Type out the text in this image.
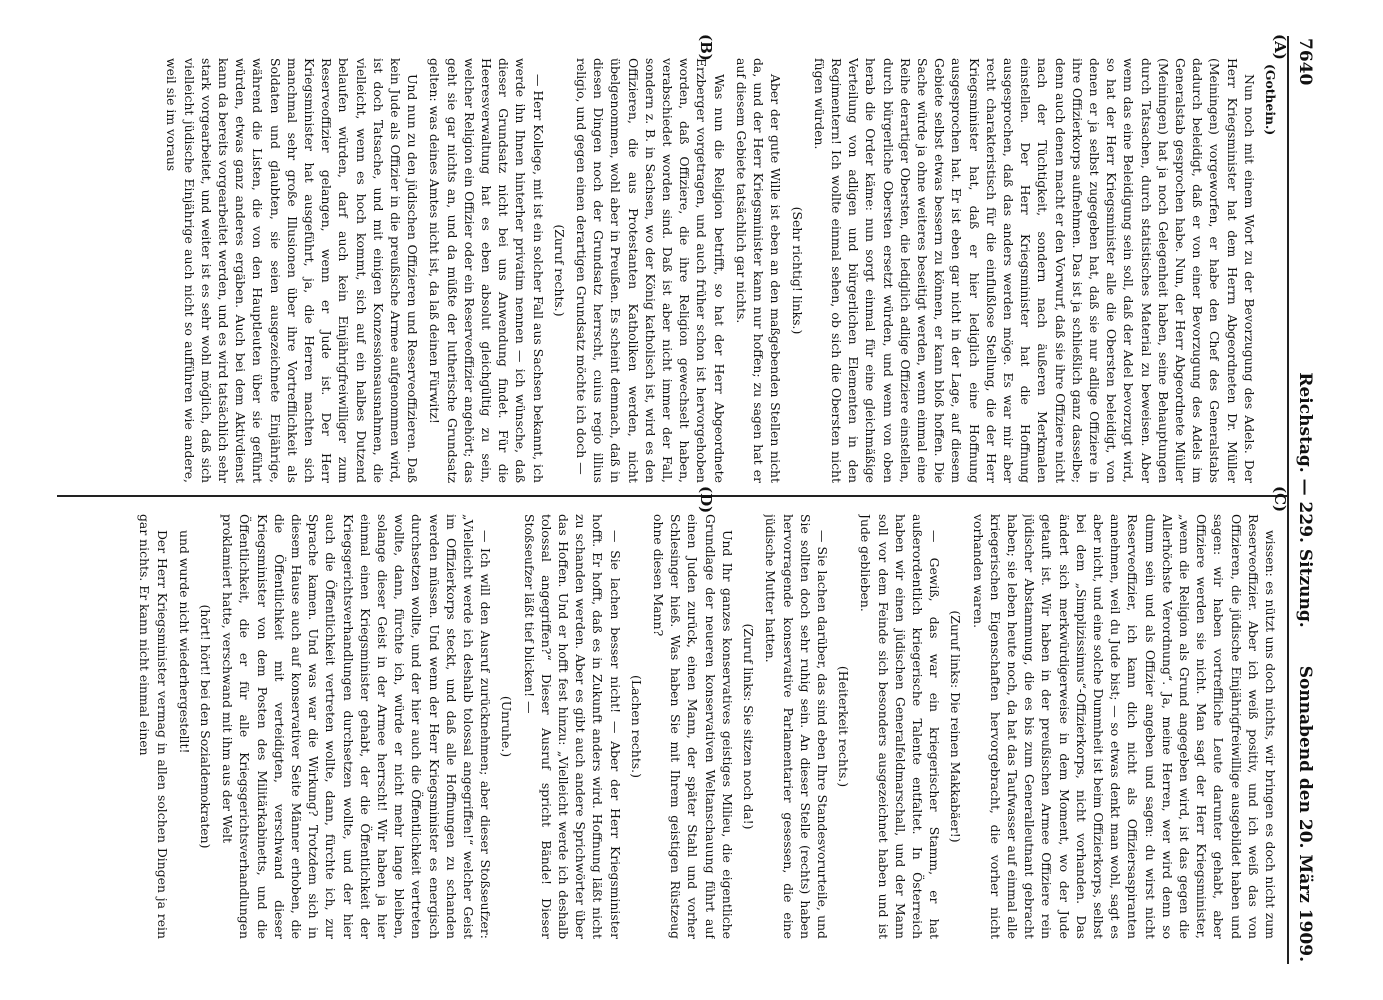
7640
Reichstag. — 229. Sitzung.
Sonnabend den 20. März 1909.
(A)
(B)
(C)
(D)

(Gothein.)

Nun noch mit einem Wort zu der Bevorzugung des Adels. Der Herr Kriegsminister hat dem Herrn Abgeordneten Dr. Müller (Meiningen) vorgeworfen, er habe den Chef des Generalstabs dadurch beleidigt, daß er von einer Bevorzugung des Adels im Generalstab gesprochen habe. Nun, der Herr Abgeordnete Müller (Meiningen) hat ja noch Gelegenheit haben, seine Behauptungen durch Tatsachen, durch statistisches Material zu beweisen. Aber wenn das eine Beleidigung sein soll, daß der Adel bevorzugt wird, so hat der Herr Kriegsminister alle die Obersten beleidigt, von denen er ja selbst zugegeben hat, daß sie nur adlige Offiziere in ihre Offizierkorps aufnehmen. Das ist ja schließlich ganz dasselbe; denn auch denen macht er den Vorwurf, daß sie ihre Offiziere nicht nach der Tüchtigkeit, sondern nach äußeren Merkmalen einstellen. Der Herr Kriegsminister hat die Hoffnung ausgesprochen, daß das anders werden möge. Es war mir aber recht charakteristisch für die einflußlose Stellung, die der Herr Kriegsminister hat, daß er hier lediglich eine Hoffnung ausgesprochen hat. Er ist eben gar nicht in der Lage, auf diesem Gebiete selbst etwas bessern zu können, er kann bloß hoffen. Die Sache würde ja ohne weiteres beseitigt werden, wenn einmal eine Reihe derartiger Obersten, die lediglich adlige Offiziere einstellen, durch bürgerliche Obersten ersetzt würden, und wenn von oben herab die Order käme: nun sorgt einmal für eine gleichmäßige Verteilung von adligen und bürgerlichen Elementen in den Regimentern! Ich wollte einmal sehen, ob sich die Obersten nicht fügen würden.

(Sehr richtig! links.)

Aber der gute Wille ist eben an den maßgebenden Stellen nicht da, und der Herr Kriegsminister kann nur hoffen; zu sagen hat er auf diesem Gebiete tatsächlich gar nichts.

Was nun die Religion betrifft, so hat der Herr Abgeordnete Erzberger vorgetragen, und auch früher schon ist hervorgehoben worden, daß Offiziere, die ihre Religion gewechselt haben, verabschiedet worden sind. Daß ist aber nicht immer der Fall, sondern z. B. in Sachsen, wo der König katholisch ist, wird es den Offizieren, die aus Protestanten Katholiken werden, nicht übelgenommen, wohl aber in Preußen. Es scheint demnach, daß in diesen Dingen noch der Grundsatz herrscht, cuius regio illius religio, und gegen einen derartigen Grundsatz möchte ich doch —

(Zuruf rechts.)

— Herr Kollege, mit ist ein solcher Fall aus Sachsen bekannt, ich werde ihn Ihnen hinterher privatim nennen — ich wünsche, daß dieser Grundsatz nicht bei uns Anwendung findet. Für die Heeresverwaltung hat es eben absolut gleichgültig zu sein, welcher Religion ein Offizier oder ein Reserveoffizier angehört; das geht sie gar nichts an, und da müßte der lutherische Grundsatz gelten: was deines Amtes nicht ist, da laß deinen Fürwitz!

Und nun zu den jüdischen Offizieren und Reserveoffizieren. Daß kein Jude als Offizier in die preußische Armee aufgenommen wird, ist doch Tatsache, und mit einigen Konzessionsausnahmen, die vielleicht, wenn es hoch kommt, sich auf ein halbes Dutzend belaufen würden, darf auch kein Einjährigfreiwilliger zum Reserveoffizier gelangen, wenn er Jude ist. Der Herr Kriegsminister hat ausgeführt, ja, die Herren machten sich manchmal sehr große Illusionen über ihre Vortrefflichkeit als Soldaten und glaubten, sie seien ausgezeichnete Einjährige, während die Listen, die von den Hauptleuten über sie geführt würden, etwas ganz anderes ergäben. Auch bei dem Aktivdienst kann da bereits vorgearbeitet werden, und es wird tatsächlich sehr stark vorgearbeitet, und weiter ist es sehr wohl möglich, daß sich vielleicht jüdische Einjährige auch nicht so aufführen wie andere, weil sie im voraus

wissen: es nützt uns doch nichts, wir bringen es doch nicht zum Reserveoffizier. Aber ich weiß positiv, und ich weiß das von Offizieren, die jüdische Einjährigfreiwillige ausgebildet haben und sagen: wir haben vortreffliche Leute darunter gehabt, aber Offiziere werden sie nicht. Man sagt der Herr Kriegsminister, „wenn die Religion als Grund angegeben wird, ist das gegen die Allerhöchste Verordnung“. Ja, meine Herren, wer wird denn so dumm sein und als Offizier angeben und sagen: du wirst nicht Reserveoffizier, ich kann dich nicht als Offiziersaspiranten annehmen, weil du Jude bist; — so etwas denkt man wohl, sagt es aber nicht, und eine solche Dummheit ist beim Offizierkorps, selbst bei dem „Simplizissimus“-Offizierkorps, nicht vorhanden. Das ändert sich merkwürdigerweise in dem Moment, wo der Jude getauft ist. Wir haben in der preußischen Armee Offiziere rein jüdischer Abstammung, die es bis zum Generalleutnant gebracht haben; sie leben heute noch, da hat das Taufwasser auf einmal alle kriegerischen Eigenschaften hervorgebracht, die vorher nicht vorhanden waren.

(Zuruf links: Die reinen Makkabäer!)

— Gewiß, das war ein kriegerischer Stamm, er hat außerordentlich kriegerische Talente entfaltet. In Österreich haben wir einen jüdischen Generalfeldmarschall, und der Mann soll vor dem Feinde sich besonders ausgezeichnet haben und ist Jude geblieben.

(Heiterkeit rechts.)

— Sie lachen darüber, das sind eben Ihre Standesvorurteile, und Sie sollten doch sehr ruhig sein. An dieser Stelle (rechts) haben hervorragende konservative Parlamentarier gesessen, die eine jüdische Mutter hatten.

(Zuruf links: Sie sitzen noch da!)

Und Ihr ganzes konservatives geistiges Milieu, die eigentliche Grundlage der neueren konservativen Weltanschauung führt auf einen Juden zurück, einen Mann, der später Stahl und vorher Schlesinger hieß. Was haben Sie mit Ihrem geistigen Rüstzeug ohne diesen Mann?

(Lachen rechts.)

— Sie lachen besser nicht! — Aber der Herr Kriegsminister hofft. Er hofft, daß es in Zukunft anders wird. Hoffnung läßt nicht zu schanden werden. Aber es gibt auch andere Sprichwörter über das Hoffen. Und er hofft fest hinzu: „Vielleicht werde ich deshalb tolossal angegriffen?“ Dieser Ausruf spricht Bände! Dieser Stoßseufzer läßt tief blicken! —

(Unruhe.)

— Ich will den Ausruf zurücknehmen; aber dieser Stoßseufzer: „Vielleicht werde ich deshalb tolossal angegriffen!“ welcher Geist im Offizierkorps steckt, und daß alle Hoffnungen zu schanden werden müssen. Und wenn der Herr Kriegsminister es energisch durchsetzen wollte, und der hier auch die Öffentlichkeit vertreten wollte, dann, fürchte ich, würde er nicht mehr lange bleiben, solange dieser Geist in der Armee herrscht! Wir haben ja hier einmal einen Kriegsminister gehabt, der die Öffentlichkeit der Kriegsgerichtsverhandlungen durchsetzen wollte, und der hier auch die Öffentlichkeit vertreten wollte, dann, fürchte ich, zur Sprache kamen. Und was war die Wirkung? Trotzdem sich in diesem Hause auch auf konservativer Seite Männer erhoben, die die Öffentlichkeit mit verteidigten, verschwand dieser Kriegsminister von dem Posten des Militärkabinetts, und die Öffentlichkeit, die er für alle Kriegsgerichtsverhandlungen proklamiert hatte, verschwand mit ihm aus der Welt

(hört! hört! bei den Sozialdemokraten)

und wurde nicht wiederhergestellt!

Der Herr Kriegsminister vermag in allen solchen Dingen ja rein gar nichts. Er kann nicht einmal einen
